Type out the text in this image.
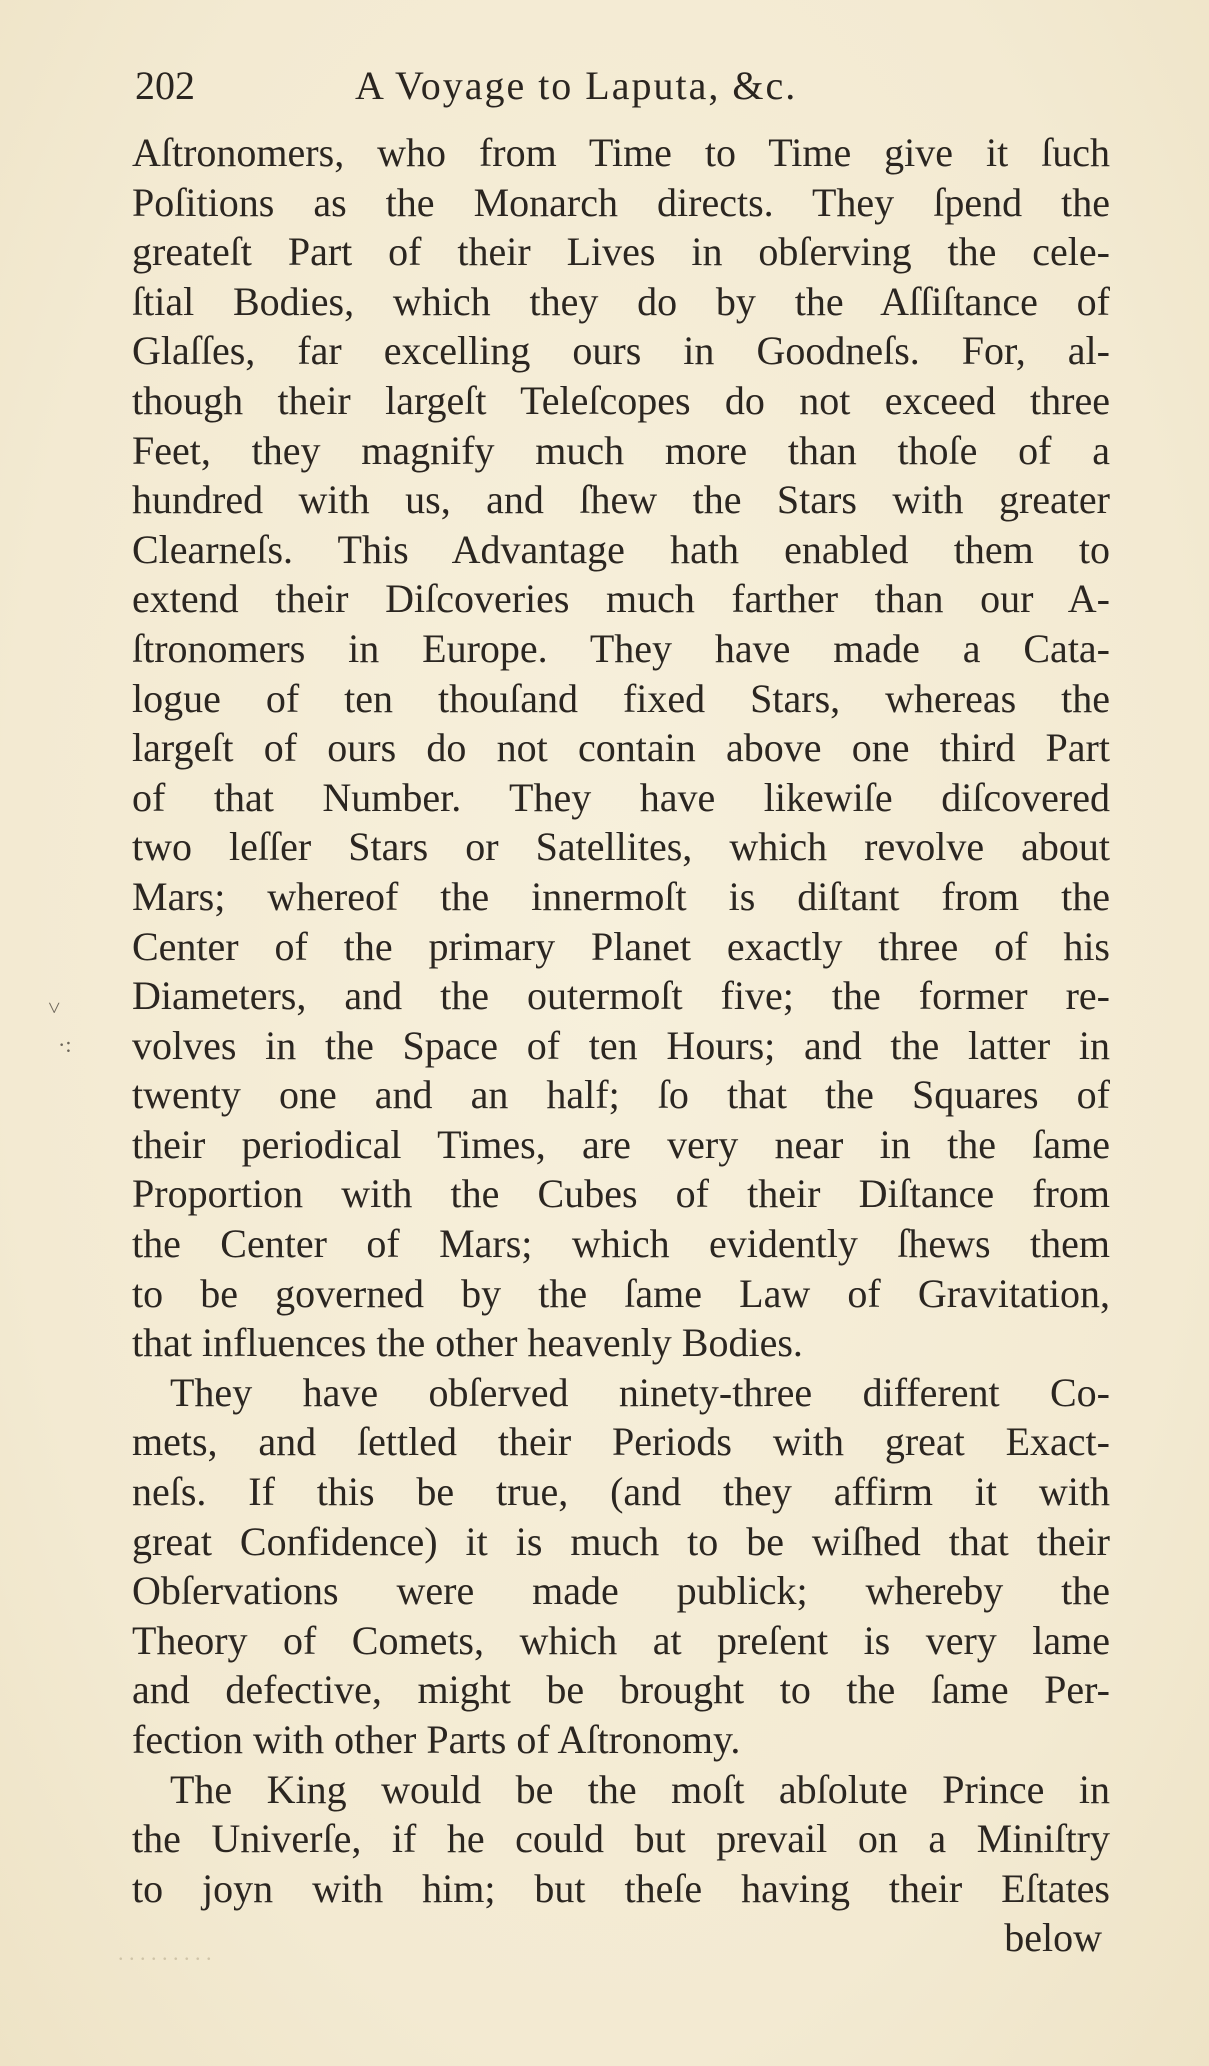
202	A Voyage to Laputa, &c.
Aſtronomers, who from Time to Time give it ſuch
Poſitions as the Monarch directs. They ſpend the
greateſt Part of their Lives in obſerving the cele-
ſtial Bodies, which they do by the Aſſiſtance of
Glaſſes, far excelling ours in Goodneſs. For, al-
though their largeſt Teleſcopes do not exceed three
Feet, they magnify much more than thoſe of a
hundred with us, and ſhew the Stars with greater
Clearneſs. This Advantage hath enabled them to
extend their Diſcoveries much farther than our A-
ſtronomers in Europe. They have made a Cata-
logue of ten thouſand fixed Stars, whereas the
largeſt of ours do not contain above one third Part
of that Number. They have likewiſe diſcovered
two leſſer Stars or Satellites, which revolve about
Mars; whereof the innermoſt is diſtant from the
Center of the primary Planet exactly three of his
Diameters, and the outermoſt five; the former re-
volves in the Space of ten Hours; and the latter in
twenty one and an half; ſo that the Squares of
their periodical Times, are very near in the ſame
Proportion with the Cubes of their Diſtance from
the Center of Mars; which evidently ſhews them
to be governed by the ſame Law of Gravitation,
that influences the other heavenly Bodies.
They have obſerved ninety-three different Co-
mets, and ſettled their Periods with great Exact-
neſs. If this be true, (and they affirm it with
great Confidence) it is much to be wiſhed that their
Obſervations were made publick; whereby the
Theory of Comets, which at preſent is very lame
and defective, might be brought to the ſame Per-
fection with other Parts of Aſtronomy.
The King would be the moſt abſolute Prince in
the Univerſe, if he could but prevail on a Miniſtry
to joyn with him; but theſe having their Eſtates
below
˅
·:
. . . . . . . . .
